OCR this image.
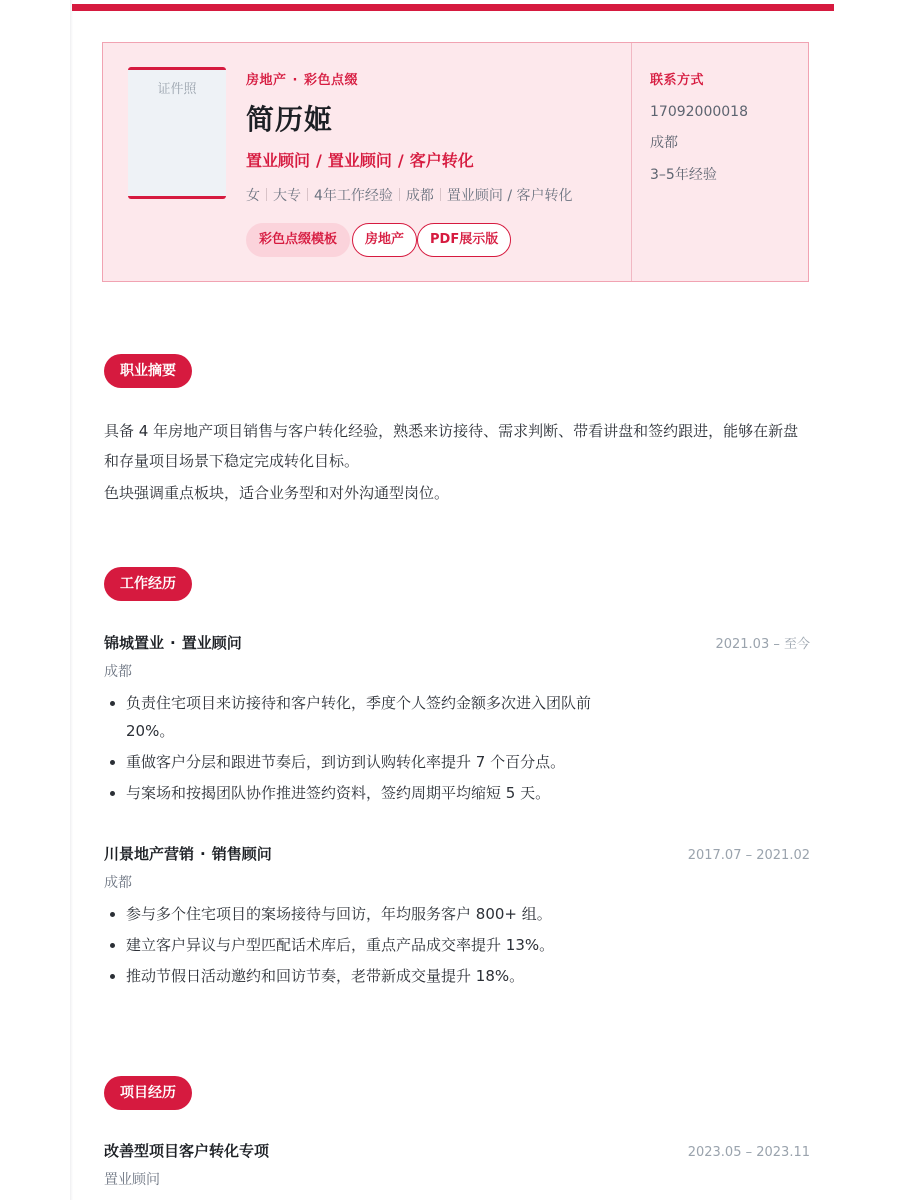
证件照
房地产 · 彩色点缀
简历姬
置业顾问 / 置业顾问 / 客户转化
女 大专 4年工作经验 成都 置业顾问 / 客户转化
彩色点缀模板	房地产	PDF展示版
联系方式
17092000018
成都
3–5年经验
职业摘要

具备 4 年房地产项目销售与客户转化经验，熟悉来访接待、需求判断、带看讲盘和签约跟进，能够在新盘和存量项目场景下稳定完成转化目标。

色块强调重点板块，适合业务型和对外沟通型岗位。

工作经历
锦城置业 · 置业顾问	2021.03 – 至今
成都
负责住宅项目来访接待和客户转化，季度个人签约金额多次进入团队前 20%。
重做客户分层和跟进节奏后，到访到认购转化率提升 7 个百分点。
与案场和按揭团队协作推进签约资料，签约周期平均缩短 5 天。
川景地产营销 · 销售顾问	2017.07 – 2021.02
成都
参与多个住宅项目的案场接待与回访，年均服务客户 800+ 组。
建立客户异议与户型匹配话术库后，重点产品成交率提升 13%。
推动节假日活动邀约和回访节奏，老带新成交量提升 18%。
项目经历
改善型项目客户转化专项	2023.05 – 2023.11
置业顾问
